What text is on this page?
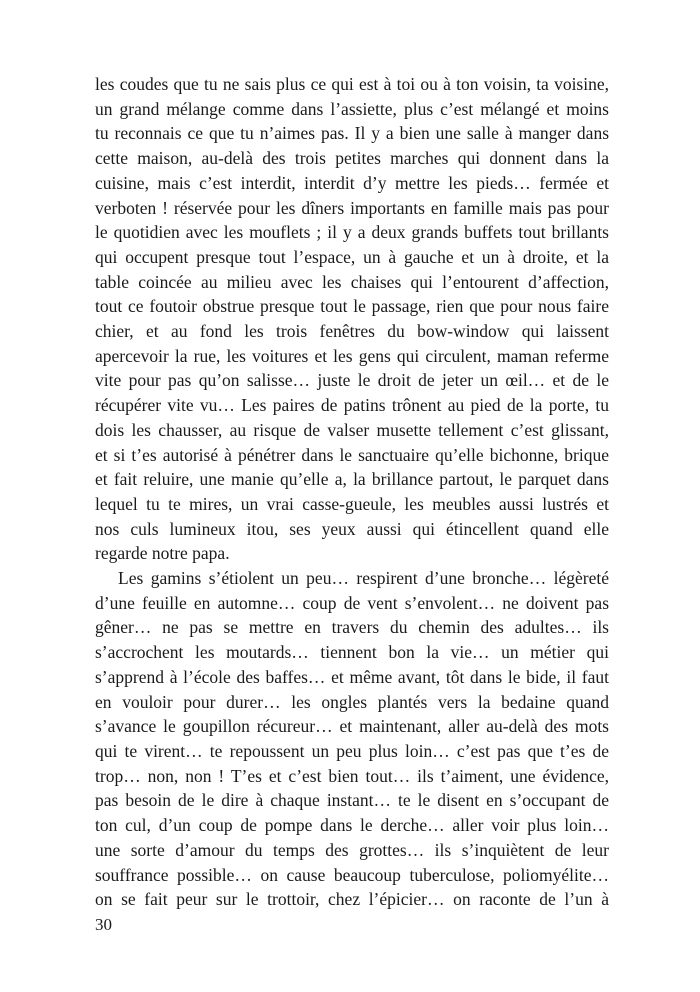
les coudes que tu ne sais plus ce qui est à toi ou à ton voisin, ta voisine,
un grand mélange comme dans l’assiette, plus c’est mélangé et moins
tu reconnais ce que tu n’aimes pas. Il y a bien une salle à manger dans
cette maison, au-delà des trois petites marches qui donnent dans la
cuisine, mais c’est interdit, interdit d’y mettre les pieds… fermée et
verboten ! réservée pour les dîners importants en famille mais pas pour
le quotidien avec les mouflets ; il y a deux grands buffets tout brillants
qui occupent presque tout l’espace, un à gauche et un à droite, et la
table coincée au milieu avec les chaises qui l’entourent d’affection,
tout ce foutoir obstrue presque tout le passage, rien que pour nous faire
chier, et au fond les trois fenêtres du bow-window qui laissent
apercevoir la rue, les voitures et les gens qui circulent, maman referme
vite pour pas qu’on salisse… juste le droit de jeter un œil… et de le
récupérer vite vu… Les paires de patins trônent au pied de la porte, tu
dois les chausser, au risque de valser musette tellement c’est glissant,
et si t’es autorisé à pénétrer dans le sanctuaire qu’elle bichonne, brique
et fait reluire, une manie qu’elle a, la brillance partout, le parquet dans
lequel tu te mires, un vrai casse-gueule, les meubles aussi lustrés et
nos culs lumineux itou, ses yeux aussi qui étincellent quand elle
regarde notre papa.
Les gamins s’étiolent un peu… respirent d’une bronche… légèreté
d’une feuille en automne… coup de vent s’envolent… ne doivent pas
gêner… ne pas se mettre en travers du chemin des adultes… ils
s’accrochent les moutards… tiennent bon la vie… un métier qui
s’apprend à l’école des baffes… et même avant, tôt dans le bide, il faut
en vouloir pour durer… les ongles plantés vers la bedaine quand
s’avance le goupillon récureur… et maintenant, aller au-delà des mots
qui te virent… te repoussent un peu plus loin… c’est pas que t’es de
trop… non, non ! T’es et c’est bien tout… ils t’aiment, une évidence,
pas besoin de le dire à chaque instant… te le disent en s’occupant de
ton cul, d’un coup de pompe dans le derche… aller voir plus loin…
une sorte d’amour du temps des grottes… ils s’inquiètent de leur
souffrance possible… on cause beaucoup tuberculose, poliomyélite…
on se fait peur sur le trottoir, chez l’épicier… on raconte de l’un à
30
